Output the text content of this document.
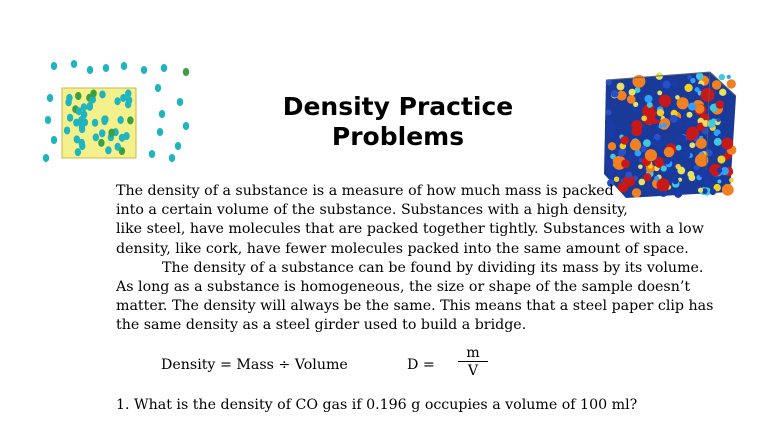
Density Practice
Problems
The density of a substance is a measure of how much mass is packed
into a certain volume of the substance. Substances with a high density,
like steel, have molecules that are packed together tightly. Substances with a low
density, like cork, have fewer molecules packed into the same amount of space.
The density of a substance can be found by dividing its mass by its volume.
As long as a substance is homogeneous, the size or shape of the sample doesn’t
matter. The density will always be the same. This means that a steel paper clip has
the same density as a steel girder used to build a bridge.
Density = Mass ÷ Volume	$D = \frac{m}{V}$
1. What is the density of CO gas if 0.196 g occupies a volume of 100 ml?
